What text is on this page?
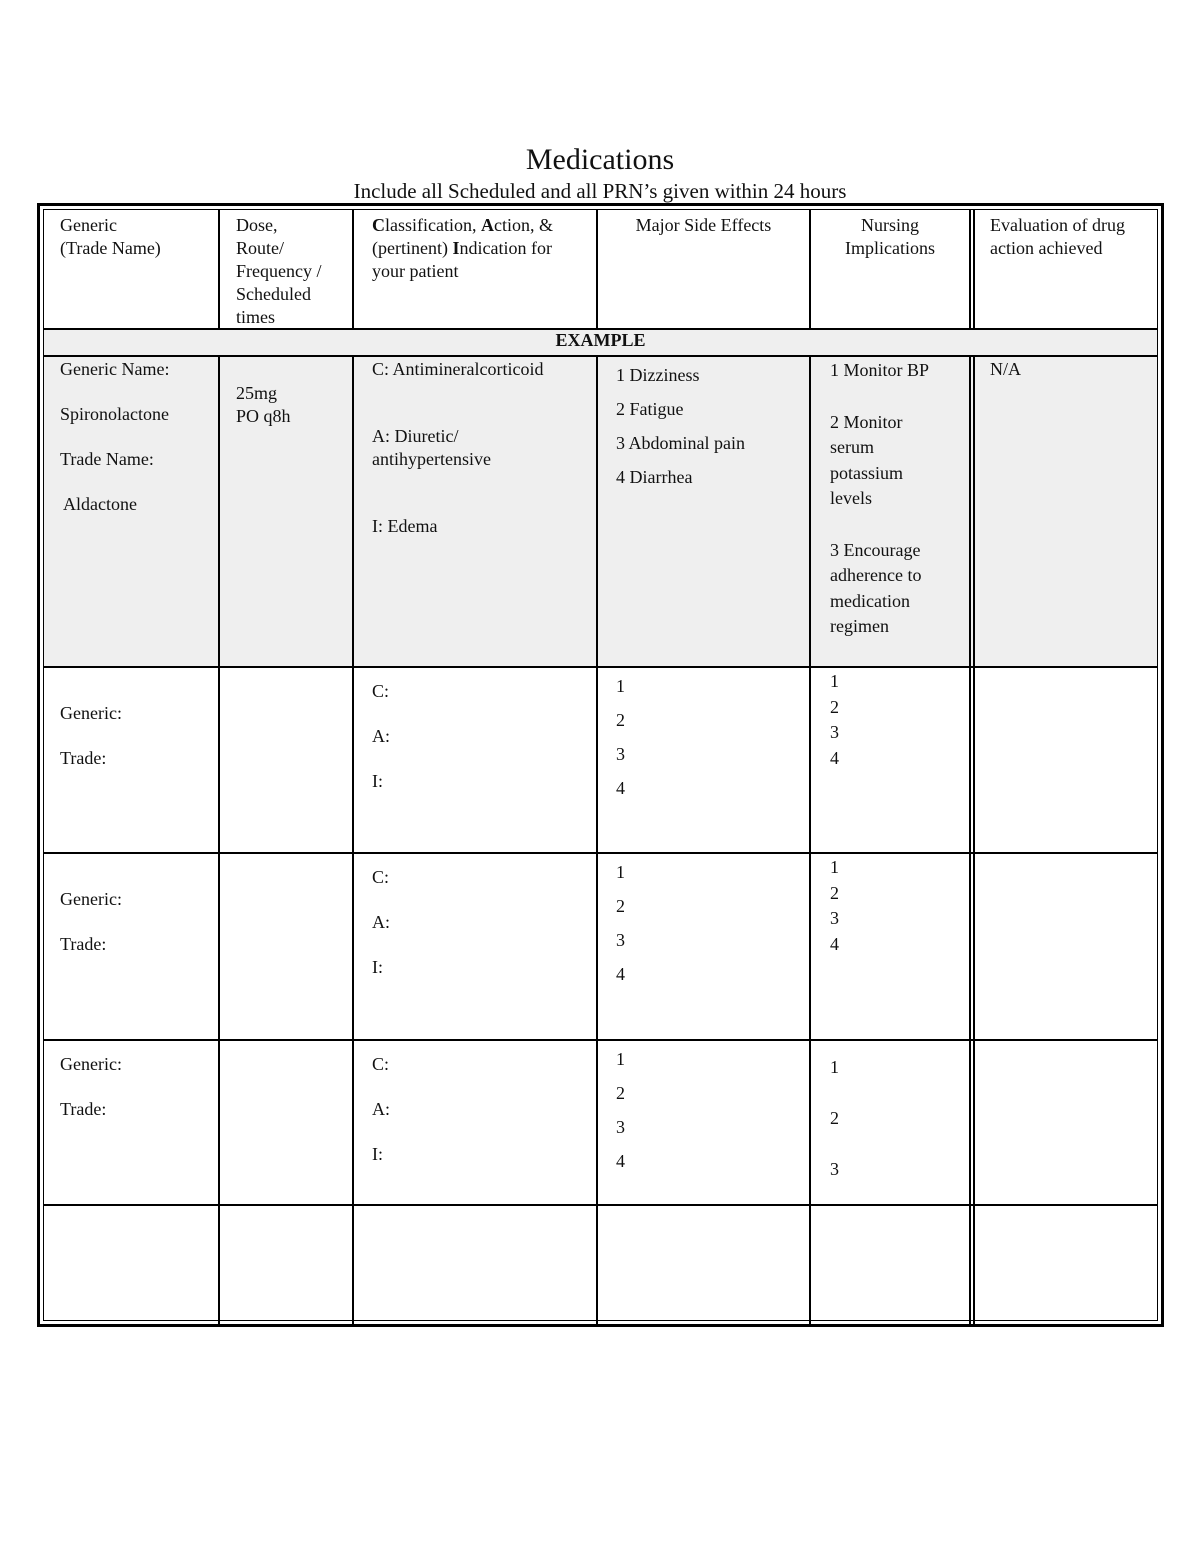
Medications
Include all Scheduled and all PRN’s given within 24 hours
Generic
(Trade Name)
Dose,
Route/
Frequency /
Scheduled
times
Classification, Action, &
(pertinent) Indication for
your patient
Major Side Effects	Nursing
Implications
Evaluation of drug
action achieved
EXAMPLE
Generic Name:
Spironolactone
Trade Name:
Aldactone
25mg
PO q8h
C: Antimineralcorticoid
A: Diuretic/
antihypertensive
I: Edema
1 Dizziness
2 Fatigue
3 Abdominal pain
4 Diarrhea
1 Monitor BP
2 Monitor
serum
potassium
levels
3 Encourage
adherence to
medication
regimen
N/A
Generic:
Trade:
C:
A:
I:
1
2
3
4
1
2
3
4
Generic:
Trade:
C:
A:
I:
1
2
3
4
1
2
3
4
Generic:
Trade:
C:
A:
I:
1
2
3
4
1
2
3
